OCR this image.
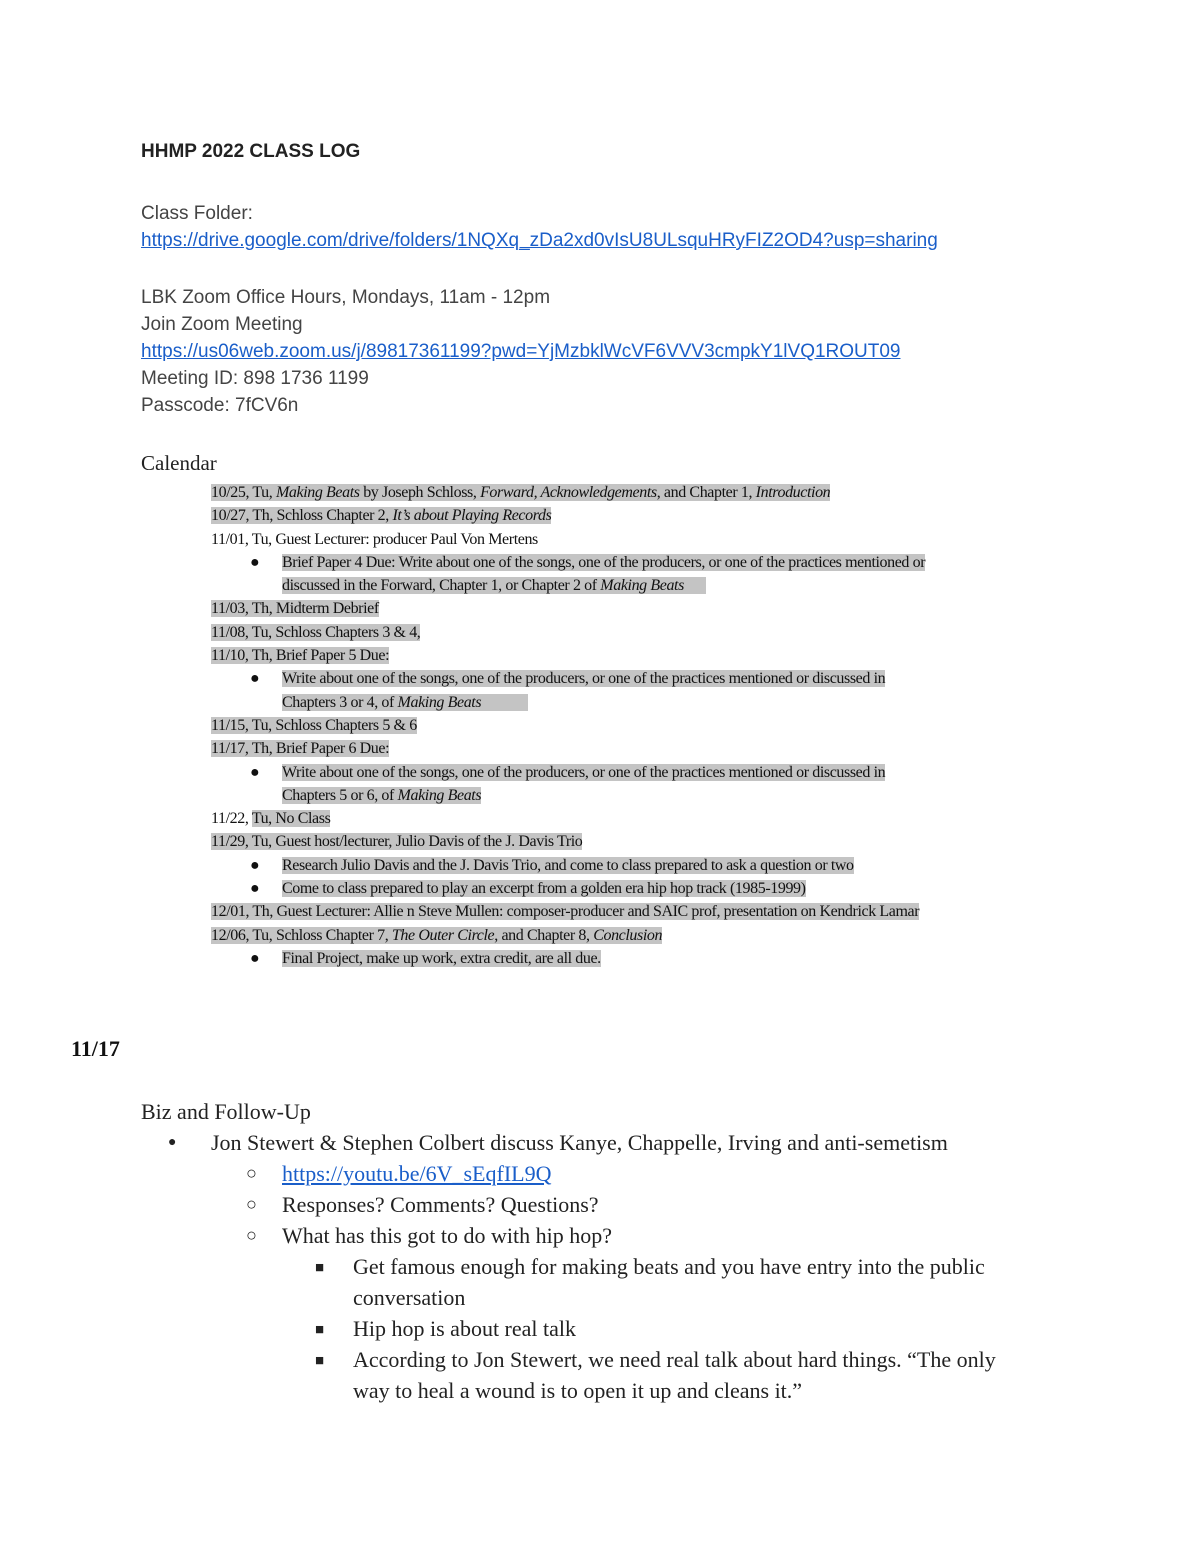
HHMP 2022 CLASS LOG
Class Folder:
https://drive.google.com/drive/folders/1NQXq_zDa2xd0vIsU8ULsquHRyFIZ2OD4?usp=sharing
LBK Zoom Office Hours, Mondays, 11am - 12pm
Join Zoom Meeting
https://us06web.zoom.us/j/89817361199?pwd=YjMzbklWcVF6VVV3cmpkY1lVQ1ROUT09
Meeting ID: 898 1736 1199
Passcode: 7fCV6n
Calendar
10/25, Tu, Making Beats by Joseph Schloss, Forward, Acknowledgements, and Chapter 1, Introduction
10/27, Th, Schloss Chapter 2, It’s about Playing Records
11/01, Tu, Guest Lecturer: producer Paul Von Mertens
● Brief Paper 4 Due: Write about one of the songs, one of the producers, or one of the practices mentioned or
discussed in the Forward, Chapter 1, or Chapter 2 of Making Beats
11/03, Th, Midterm Debrief
11/08, Tu, Schloss Chapters 3 & 4,
11/10, Th, Brief Paper 5 Due:
● Write about one of the songs, one of the producers, or one of the practices mentioned or discussed in
Chapters 3 or 4, of Making Beats
11/15, Tu, Schloss Chapters 5 & 6
11/17, Th, Brief Paper 6 Due:
● Write about one of the songs, one of the producers, or one of the practices mentioned or discussed in
Chapters 5 or 6, of Making Beats
11/22, Tu, No Class
11/29, Tu, Guest host/lecturer, Julio Davis of the J. Davis Trio
● Research Julio Davis and the J. Davis Trio, and come to class prepared to ask a question or two
● Come to class prepared to play an excerpt from a golden era hip hop track (1985-1999)
12/01, Th, Guest Lecturer: Allie n Steve Mullen: composer-producer and SAIC prof, presentation on Kendrick Lamar
12/06, Tu, Schloss Chapter 7, The Outer Circle, and Chapter 8, Conclusion
● Final Project, make up work, extra credit, are all due.
11/17
Biz and Follow-Up
● Jon Stewert & Stephen Colbert discuss Kanye, Chappelle, Irving and anti-semetism
○ https://youtu.be/6V_sEqfIL9Q
○ Responses? Comments? Questions?
○ What has this got to do with hip hop?
■ Get famous enough for making beats and you have entry into the public
conversation
■ Hip hop is about real talk
■ According to Jon Stewert, we need real talk about hard things. “The only
way to heal a wound is to open it up and cleans it.”
